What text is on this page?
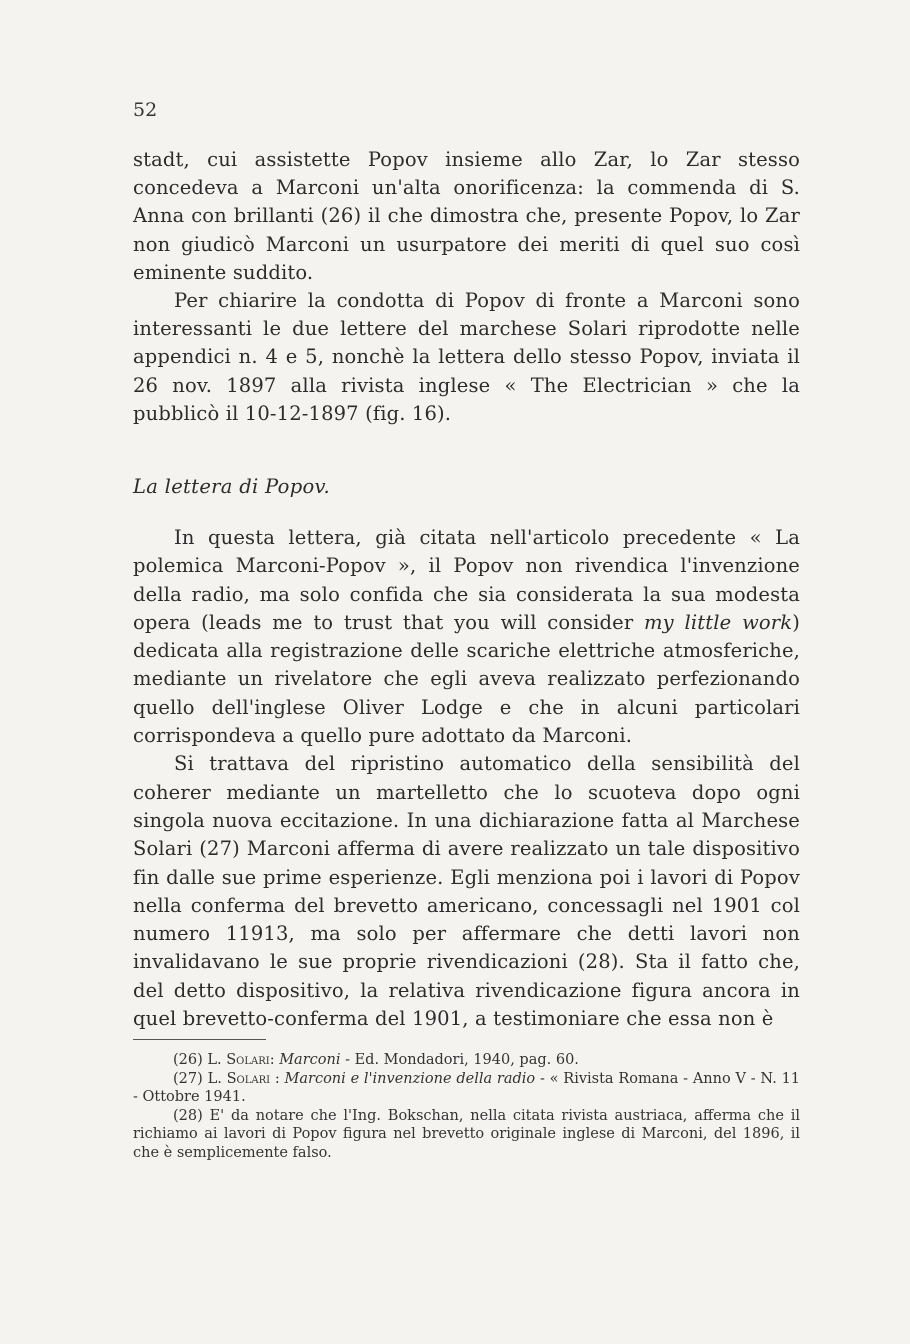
52

stadt, cui assistette Popov insieme allo Zar, lo Zar stesso concedeva a Marconi un'alta onorificenza: la commenda di S. Anna con brillanti (26) il che dimostra che, presente Popov, lo Zar non giudicò Marconi un usurpatore dei meriti di quel suo così eminente suddito.

Per chiarire la condotta di Popov di fronte a Marconi sono interessanti le due lettere del marchese Solari riprodotte nelle appendici n. 4 e 5, nonchè la lettera dello stesso Popov, inviata il 26 nov. 1897 alla rivista inglese « The Electrician » che la pubblicò il 10-12-1897 (fig. 16).

La lettera di Popov.

In questa lettera, già citata nell'articolo precedente « La polemica Marconi-Popov », il Popov non rivendica l'invenzione della radio, ma solo confida che sia considerata la sua modesta opera (leads me to trust that you will consider my little work) dedicata alla registrazione delle scariche elettriche atmosferiche, mediante un rivelatore che egli aveva realizzato perfezionando quello dell'inglese Oliver Lodge e che in alcuni particolari corrispondeva a quello pure adottato da Marconi.

Si trattava del ripristino automatico della sensibilità del coherer mediante un martelletto che lo scuoteva dopo ogni singola nuova eccitazione. In una dichiarazione fatta al Marchese Solari (27) Marconi afferma di avere realizzato un tale dispositivo fin dalle sue prime esperienze. Egli menziona poi i lavori di Popov nella conferma del brevetto americano, concessagli nel 1901 col numero 11913, ma solo per affermare che detti lavori non invalidavano le sue proprie rivendicazioni (28). Sta il fatto che, del detto dispositivo, la relativa rivendicazione figura ancora in quel brevetto-conferma del 1901, a testimoniare che essa non è

(26) L. Solari: Marconi - Ed. Mondadori, 1940, pag. 60.

(27) L. Solari : Marconi e l'invenzione della radio - « Rivista Romana - Anno V - N. 11 - Ottobre 1941.

(28) E' da notare che l'Ing. Bokschan, nella citata rivista austriaca, afferma che il richiamo ai lavori di Popov figura nel brevetto originale inglese di Marconi, del 1896, il che è semplicemente falso.
